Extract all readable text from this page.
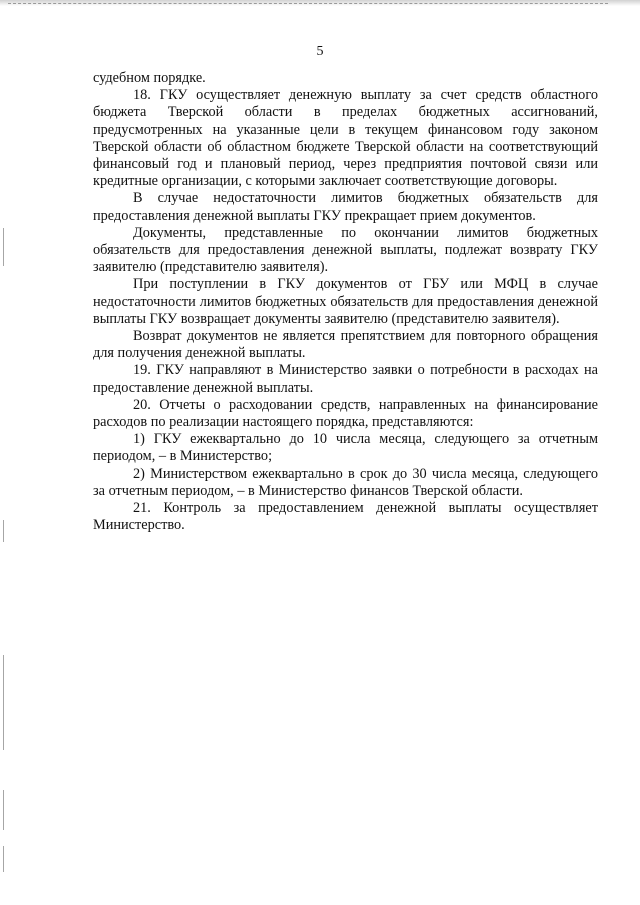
5

судебном порядке.

18. ГКУ осуществляет денежную выплату за счет средств областного бюджета Тверской области в пределах бюджетных ассигнований, предусмотренных на указанные цели в текущем финансовом году законом Тверской области об областном бюджете Тверской области на соответствующий финансовый год и плановый период, через предприятия почтовой связи или кредитные организации, с которыми заключает соответствующие договоры.

В случае недостаточности лимитов бюджетных обязательств для предоставления денежной выплаты ГКУ прекращает прием документов.

Документы, представленные по окончании лимитов бюджетных обязательств для предоставления денежной выплаты, подлежат возврату ГКУ заявителю (представителю заявителя).

При поступлении в ГКУ документов от ГБУ или МФЦ в случае недостаточности лимитов бюджетных обязательств для предоставления денежной выплаты ГКУ возвращает документы заявителю (представителю заявителя).

Возврат документов не является препятствием для повторного обращения для получения денежной выплаты.

19. ГКУ направляют в Министерство заявки о потребности в расходах на предоставление денежной выплаты.

20. Отчеты о расходовании средств, направленных на финансирование расходов по реализации настоящего порядка, представляются:

1) ГКУ ежеквартально до 10 числа месяца, следующего за отчетным периодом, – в Министерство;

2) Министерством ежеквартально в срок до 30 числа месяца, следующего за отчетным периодом, – в Министерство финансов Тверской области.

21. Контроль за предоставлением денежной выплаты осуществляет Министерство.
